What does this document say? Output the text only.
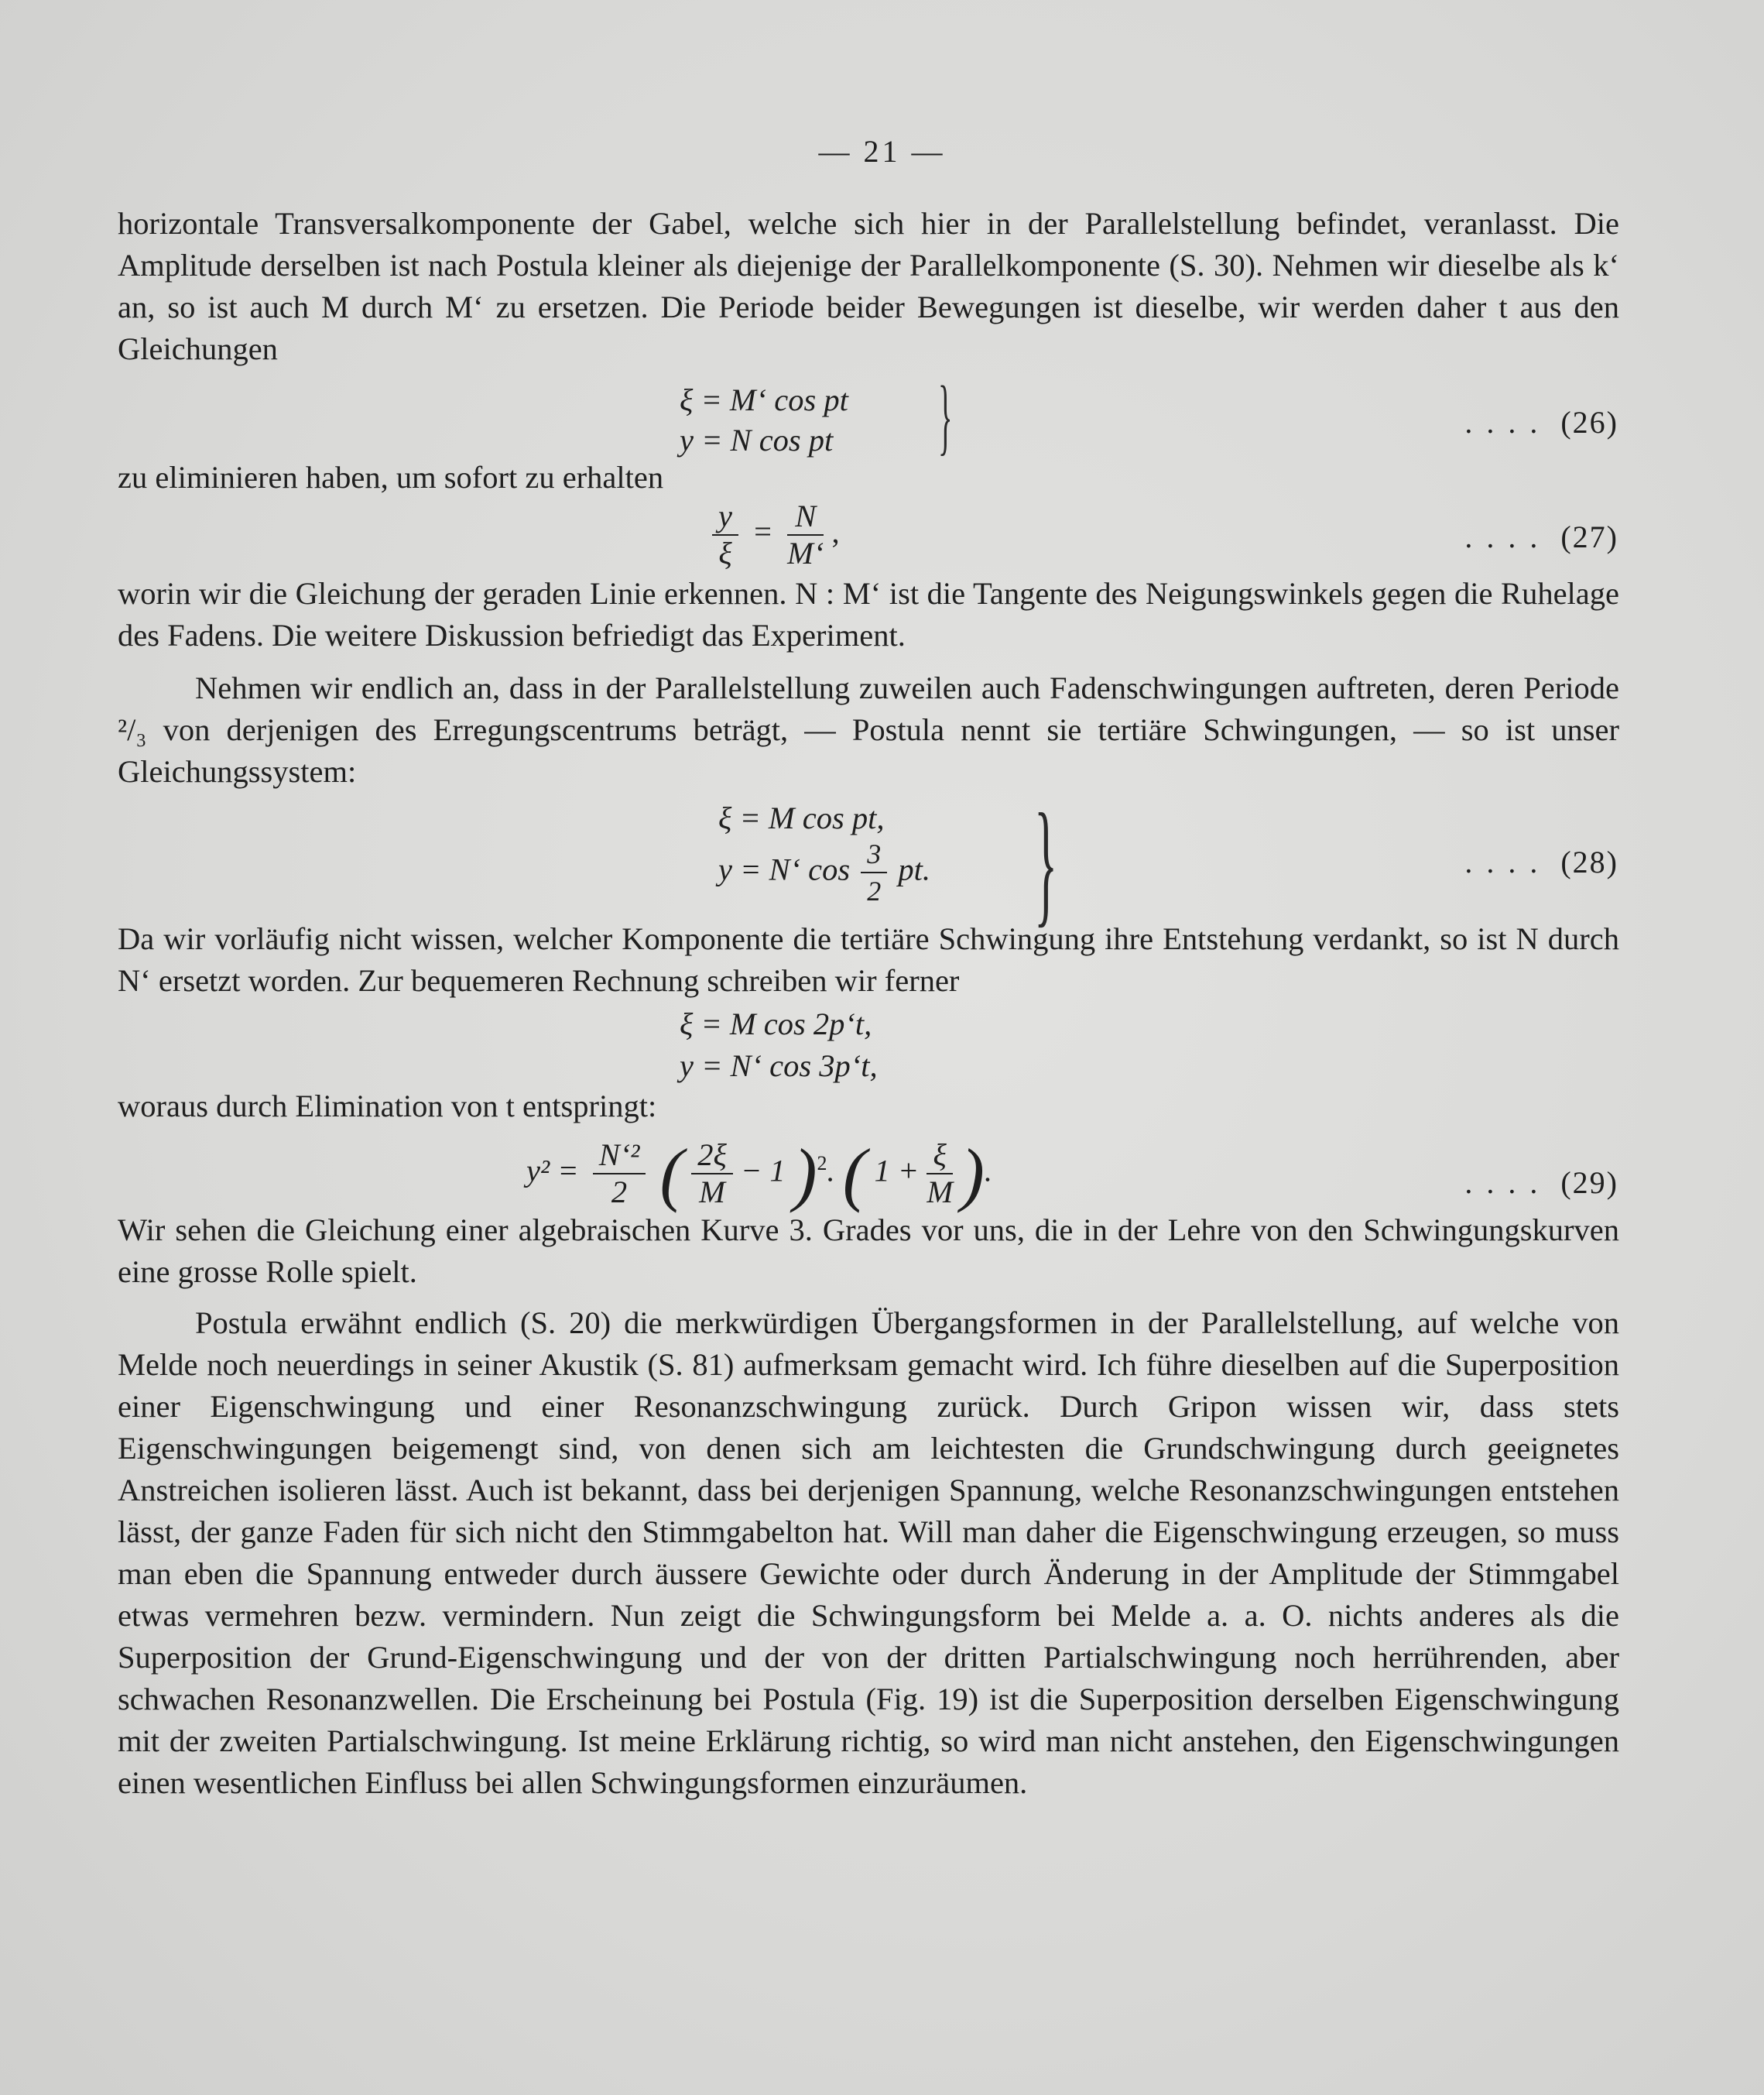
— 21 —

horizontale Transversalkomponente der Gabel, welche sich hier in der Parallelstellung befindet, veranlasst. Die Amplitude derselben ist nach Postula kleiner als diejenige der Parallelkomponente (S. 30). Nehmen wir dieselbe als k‘ an, so ist auch M durch M‘ zu ersetzen. Die Periode beider Bewegungen ist dieselbe, wir werden daher t aus den Gleichungen

ξ = M‘ cos pt
y = N cos pt }	.... (26)

zu eliminieren haben, um sofort zu erhalten

$\frac{y}{\xi} = \frac{N}{M‘}$ ,	.... (27)

worin wir die Gleichung der geraden Linie erkennen. N : M‘ ist die Tangente des Neigungswinkels gegen die Ruhelage des Fadens. Die weitere Diskussion befriedigt das Experiment.

Nehmen wir endlich an, dass in der Parallelstellung zuweilen auch Fadenschwingungen auftreten, deren Periode ²/₃ von derjenigen des Erregungscentrums beträgt, — Postula nennt sie tertiäre Schwingungen, — so ist unser Gleichungssystem:

ξ = M cos pt,
y = N‘ $\cos \frac{3}{2}$ pt. }	.... (28)

Da wir vorläufig nicht wissen, welcher Komponente die tertiäre Schwingung ihre Entstehung verdankt, so ist N durch N‘ ersetzt worden. Zur bequemeren Rechnung schreiben wir ferner

ξ = M cos 2p‘t,
y = N‘ cos 3p‘t,

woraus durch Elimination von t entspringt:

$y^2 = \frac{\text{N‘²}}{2}$ ( $\frac{2\xi}{M} - 1$ )$^2$. ( $1 + \frac{\xi}{M}$ ).	.... (29)

Wir sehen die Gleichung einer algebraischen Kurve 3. Grades vor uns, die in der Lehre von den Schwingungskurven eine grosse Rolle spielt.

Postula erwähnt endlich (S. 20) die merkwürdigen Übergangsformen in der Parallelstellung, auf welche von Melde noch neuerdings in seiner Akustik (S. 81) aufmerksam gemacht wird. Ich führe dieselben auf die Superposition einer Eigenschwingung und einer Resonanzschwingung zurück. Durch Gripon wissen wir, dass stets Eigenschwingungen beigemengt sind, von denen sich am leichtesten die Grundschwingung durch geeignetes Anstreichen isolieren lässt. Auch ist bekannt, dass bei derjenigen Spannung, welche Resonanzschwingungen entstehen lässt, der ganze Faden für sich nicht den Stimmgabelton hat. Will man daher die Eigenschwingung erzeugen, so muss man eben die Spannung entweder durch äussere Gewichte oder durch Änderung in der Amplitude der Stimmgabel etwas vermehren bezw. vermindern. Nun zeigt die Schwingungsform bei Melde a. a. O. nichts anderes als die Superposition der Grund-Eigenschwingung und der von der dritten Partialschwingung noch herrührenden, aber schwachen Resonanzwellen. Die Erscheinung bei Postula (Fig. 19) ist die Superposition derselben Eigenschwingung mit der zweiten Partialschwingung. Ist meine Erklärung richtig, so wird man nicht anstehen, den Eigenschwingungen einen wesentlichen Einfluss bei allen Schwingungsformen einzuräumen.
